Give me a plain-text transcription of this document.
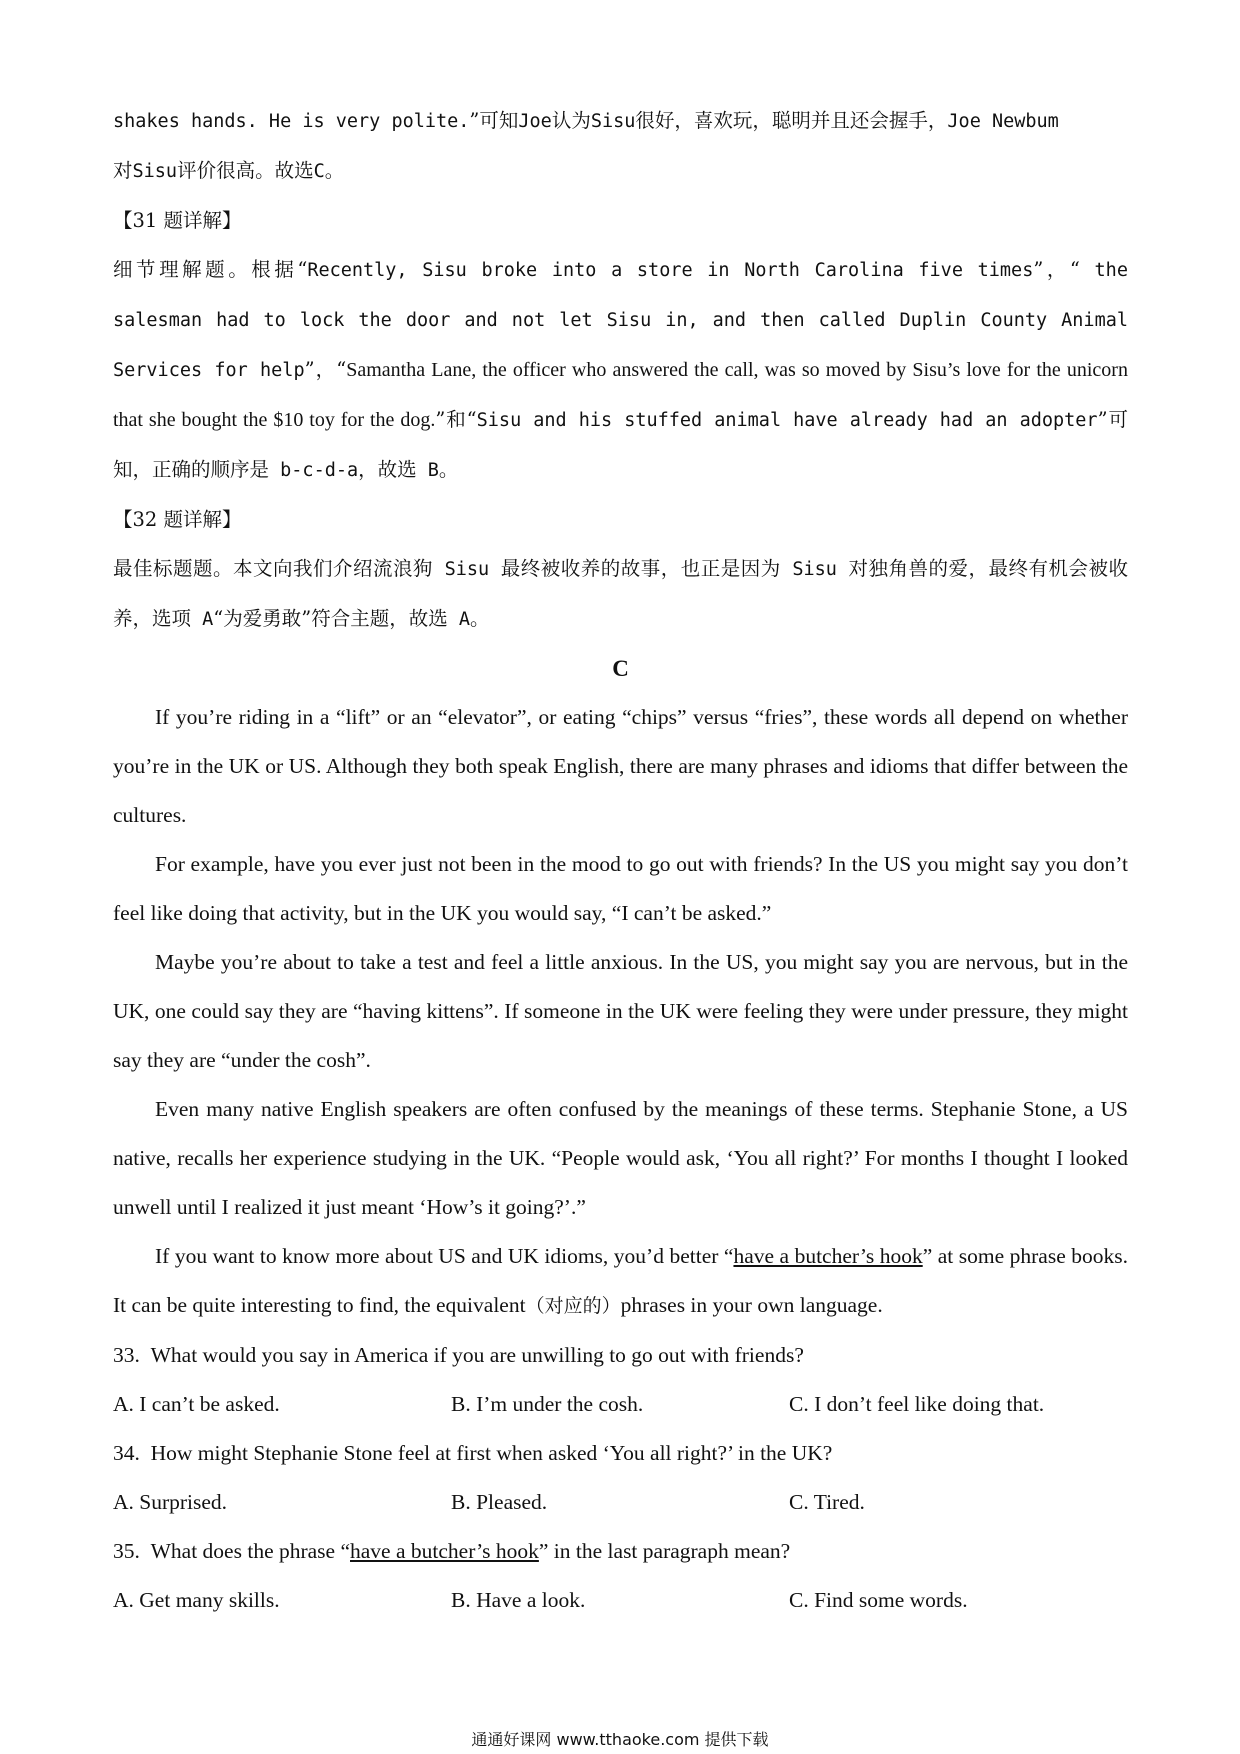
shakes hands. He is very polite.”可知Joe认为Sisu很好，喜欢玩，聪明并且还会握手，Joe Newbum
对Sisu评价很高。故选C。

【31 题详解】

细节理解题。根据“Recently, Sisu broke into a store in North Carolina five times”，“ the salesman had to lock the door and not let Sisu in, and then called Duplin County Animal Services for help”，“Samantha Lane, the officer who answered the call, was so moved by Sisu’s love for the unicorn that she bought the $10 toy for the dog.”和“Sisu and his stuffed animal have already had an adopter”可知，正确的顺序是 b-c-d-a，故选 B。

【32 题详解】

最佳标题题。本文向我们介绍流浪狗 Sisu 最终被收养的故事，也正是因为 Sisu 对独角兽的爱，最终有机会被收养，选项 A“为爱勇敢”符合主题，故选 A。

C

If you’re riding in a “lift” or an “elevator”, or eating “chips” versus “fries”, these words all depend on whether you’re in the UK or US. Although they both speak English, there are many phrases and idioms that differ between the cultures.

For example, have you ever just not been in the mood to go out with friends? In the US you might say you don’t feel like doing that activity, but in the UK you would say, “I can’t be asked.”

Maybe you’re about to take a test and feel a little anxious. In the US, you might say you are nervous, but in the UK, one could say they are “having kittens”. If someone in the UK were feeling they were under pressure, they might say they are “under the cosh”.

Even many native English speakers are often confused by the meanings of these terms. Stephanie Stone, a US native, recalls her experience studying in the UK. “People would ask, ‘You all right?’ For months I thought I looked unwell until I realized it just meant ‘How’s it going?’.”

If you want to know more about US and UK idioms, you’d better “have a butcher’s hook” at some phrase books. It can be quite interesting to find, the equivalent（对应的）phrases in your own language.

33. What would you say in America if you are unwilling to go out with friends?

A. I can’t be asked.	B. I’m under the cosh.	C. I don’t feel like doing that.

34. How might Stephanie Stone feel at first when asked ‘You all right?’ in the UK?

A. Surprised.	B. Pleased.	C. Tired.

35. What does the phrase “have a butcher’s hook” in the last paragraph mean?

A. Get many skills.	B. Have a look.	C. Find some words.
通通好课网 www.tthaoke.com 提供下载
